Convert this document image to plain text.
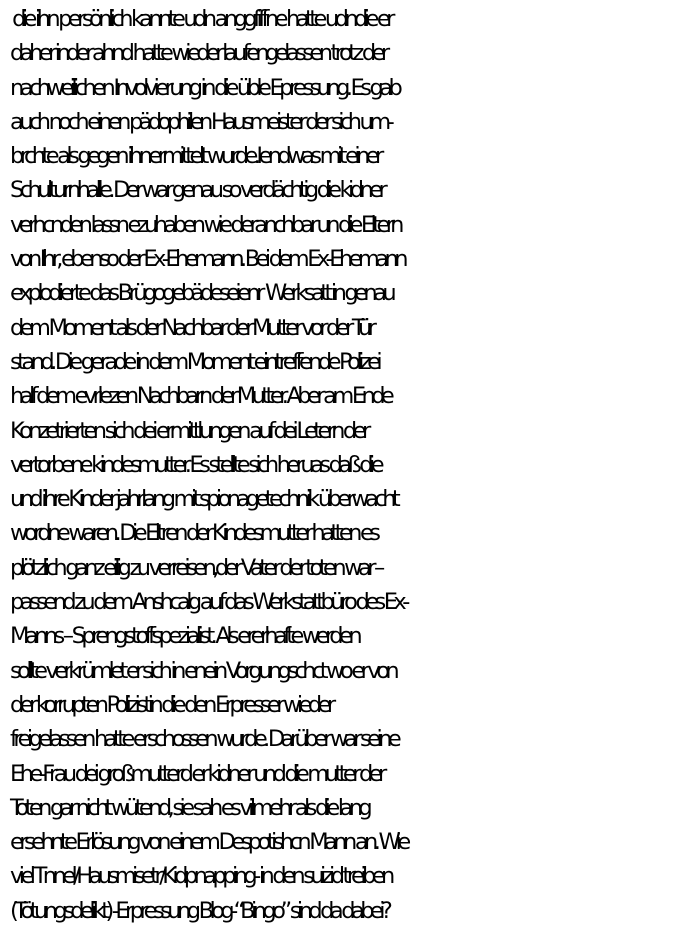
die ihn persönlich kannte udn anggfiffne hatte udndie er
daher inder ahnd hatte wieder laufengelassen trotz der
nachweilichen Involvierung in die üble Epressung. Es gab
auch noch einen pädophilen Hausmeister der sich um-
brchte als gegen ihnermittelt wurde.Iendwas mit einer
Schulturnhalle. Der war genau so verdächtig die kidner
verhcnden lassn ezuhaben wie deranchbar un die Eltern
von Ihr, ebenso der Ex-Ehemann. Bei dem Ex-Ehemann
explodierte das Brügogebädeseienr  Werksatt in genau
dem Moment als der Nachbar der Mutter vor der Tür
stand. Die gerade in dem Moment eintreffende Polizei
half dem evrlezen Nachbarn der Mutter. Aber am Ende
Konzetrierten sich dei ermittlungen auf dei Letern der
vertorbene kindesmutter. Es stellte sich heruas daß die
und ihre Kinder jahrlang mit spionagetechnik überwacht
wordne waren. Die Eltren der Kindesmutter hatten es
plötzlich ganz eilig zu verreisen,der Vater der toten war –
passend zu dem Anshcalg auf das Werkstattbüro des Ex-
Manns – Sprengstoffspezialist. Als ererhafte werden
sollte verkrümlet er sich in enein Vorgungschct wo er von
der korrupten Polizistin die den Erpresser wieder
freigelassen hatte erschossen wurde. Darüber war seine
Ehe-Frau dei großmutterd er kidner und die mutter der
Toten gar nicht wütend, sie sah es vilmehr als die lang
ersehnte Erlösung von einem Despotishcn Mann an. Wie
viel Tnnel/Hausmisetr/Kidpnapping- in den suizid treiben
(Tötungsdelikt) -Erpressung Blog-“Bingo” sind da dabei?
